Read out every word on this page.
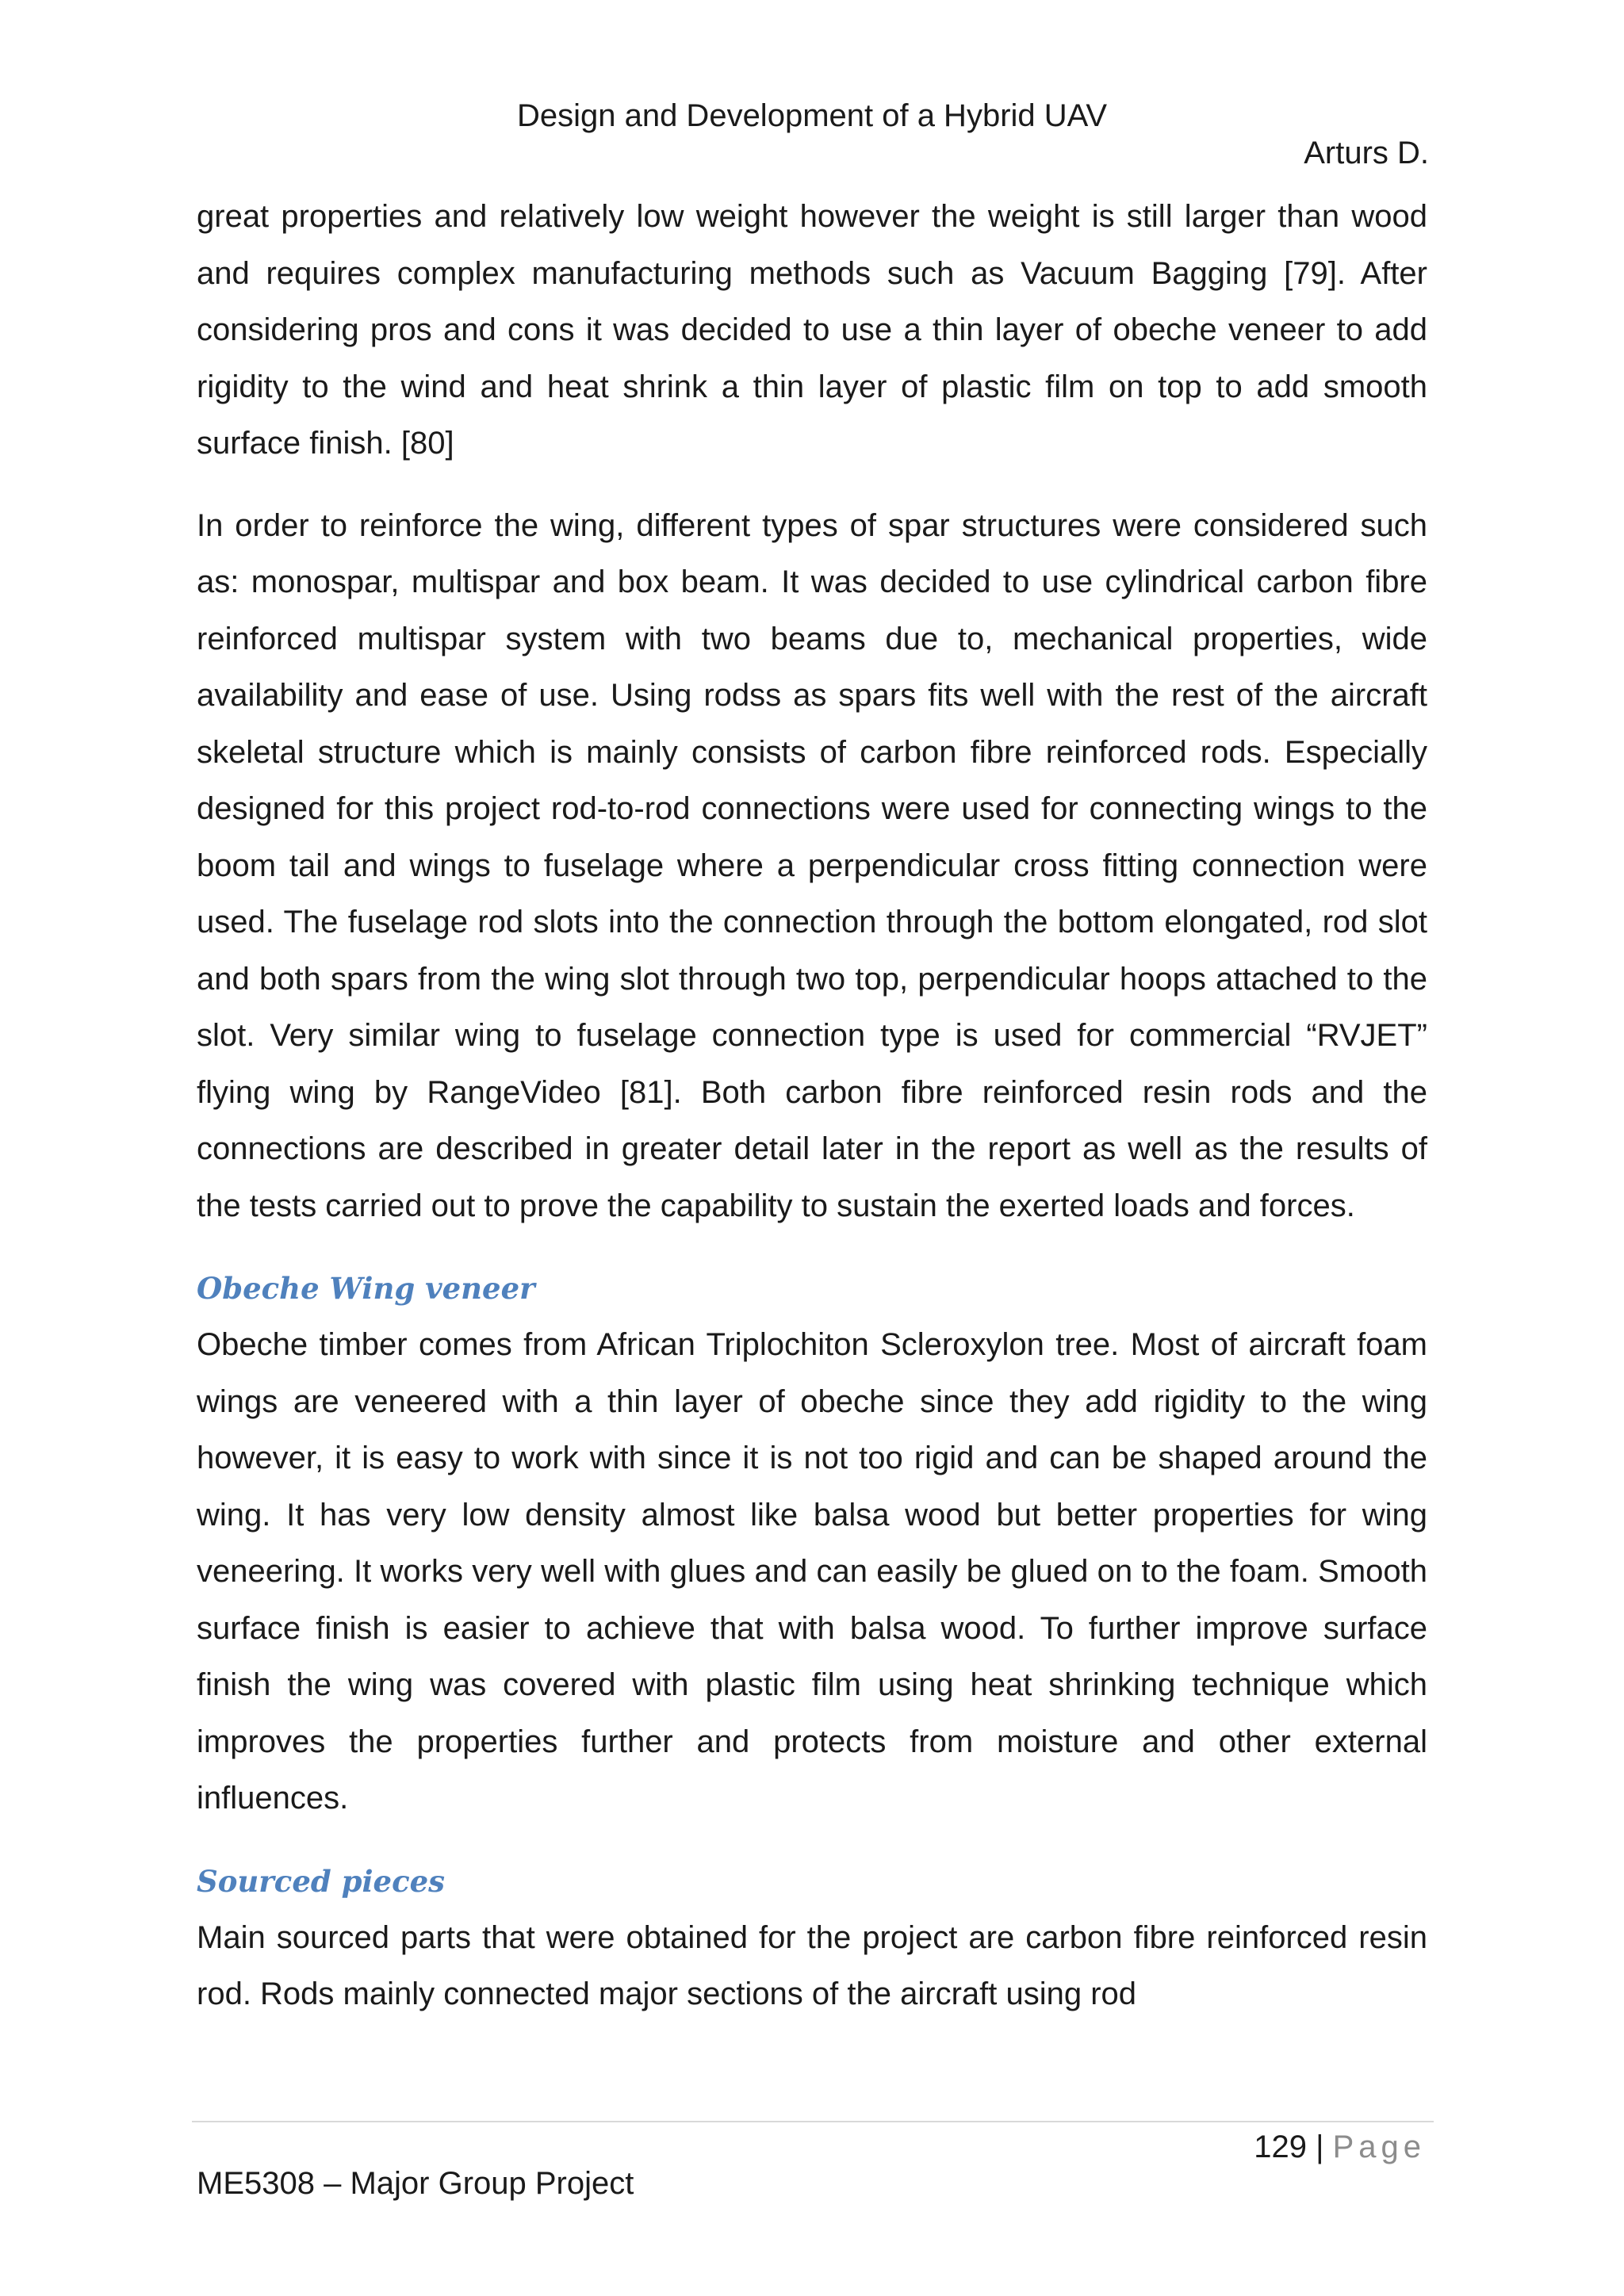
Design and Development of a Hybrid UAV
Arturs D.

great properties and relatively low weight however the weight is still larger than wood and requires complex manufacturing methods such as Vacuum Bagging [79]. After considering pros and cons it was decided to use a thin layer of obeche veneer to add rigidity to the wind and heat shrink a thin layer of plastic film on top to add smooth surface finish. [80]

In order to reinforce the wing, different types of spar structures were considered such as: monospar, multispar and box beam. It was decided to use cylindrical carbon fibre reinforced multispar system with two beams due to, mechanical properties, wide availability and ease of use. Using rodss as spars fits well with the rest of the aircraft skeletal structure which is mainly consists of carbon fibre reinforced rods. Especially designed for this project rod-to-rod connections were used for connecting wings to the boom tail and wings to fuselage where a perpendicular cross fitting connection were used. The fuselage rod slots into the connection through the bottom elongated, rod slot and both spars from the wing slot through two top, perpendicular hoops attached to the slot. Very similar wing to fuselage connection type is used for commercial “RVJET” flying wing by RangeVideo [81]. Both carbon fibre reinforced resin rods and the connections are described in greater detail later in the report as well as the results of the tests carried out to prove the capability to sustain the exerted loads and forces.

Obeche Wing veneer

Obeche timber comes from African Triplochiton Scleroxylon tree. Most of aircraft foam wings are veneered with a thin layer of obeche since they add rigidity to the wing however, it is easy to work with since it is not too rigid and can be shaped around the wing. It has very low density almost like balsa wood but better properties for wing veneering. It works very well with glues and can easily be glued on to the foam. Smooth surface finish is easier to achieve that with balsa wood. To further improve surface finish the wing was covered with plastic film using heat shrinking technique which improves the properties further and protects from moisture and other external influences.

Sourced pieces

Main sourced parts that were obtained for the project are carbon fibre reinforced resin rod. Rods mainly connected major sections of the aircraft using rod

129 | Page
ME5308 – Major Group Project
